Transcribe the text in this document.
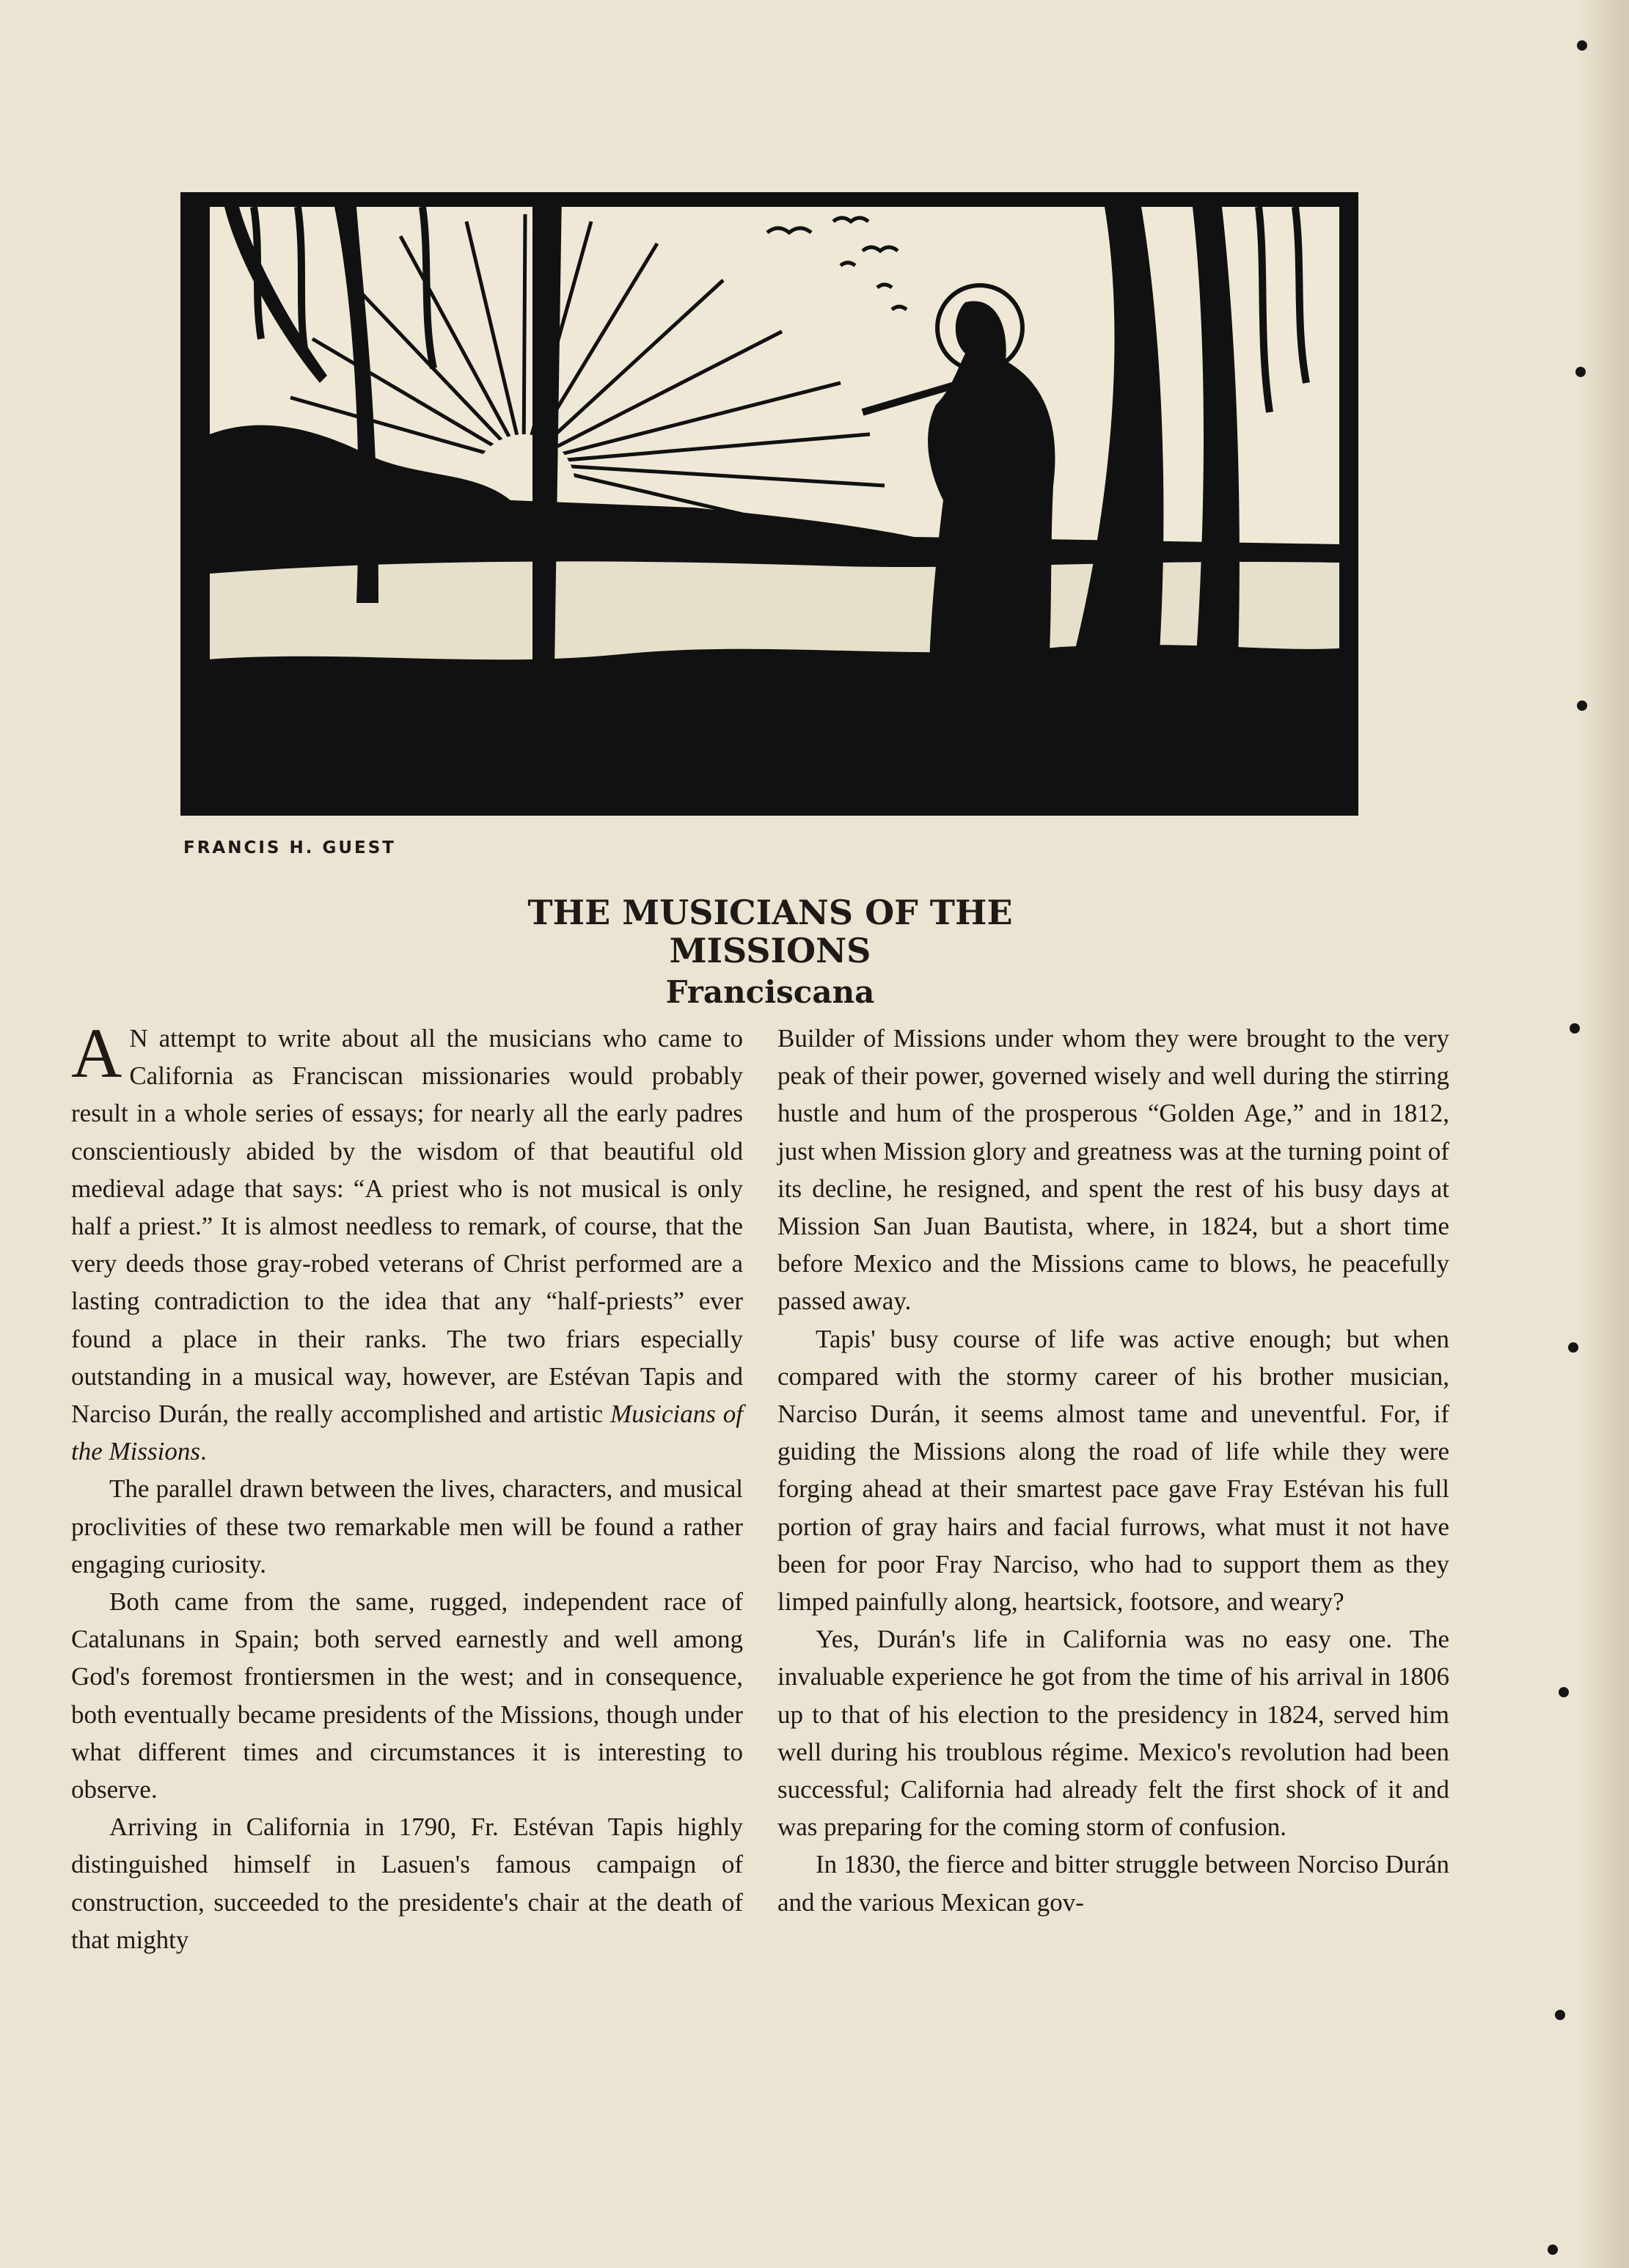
FRANCIS H. GUEST
THE MUSICIANS OF THE
MISSIONS
Franciscana

A N attempt to write about all the musicians who came to California as Franciscan missionaries would probably result in a whole series of essays; for nearly all the early padres conscientiously abided by the wisdom of that beautiful old medieval adage that says: “A priest who is not musical is only half a priest.” It is almost needless to remark, of course, that the very deeds those gray-robed veterans of Christ performed are a lasting contradiction to the idea that any “half-priests” ever found a place in their ranks. The two friars especially outstanding in a musical way, however, are Estévan Tapis and Narciso Durán, the really accomplished and artistic Musicians of the Missions.

The parallel drawn between the lives, characters, and musical proclivities of these two remarkable men will be found a rather engaging curiosity.

Both came from the same, rugged, independent race of Catalunans in Spain; both served earnestly and well among God's foremost frontiersmen in the west; and in consequence, both eventually became presidents of the Missions, though under what different times and circumstances it is interesting to observe.

Arriving in California in 1790, Fr. Estévan Tapis highly distinguished himself in Lasuen's famous campaign of construction, succeeded to the presidente's chair at the death of that mighty

Builder of Missions under whom they were brought to the very peak of their power, governed wisely and well during the stirring hustle and hum of the prosperous “Golden Age,” and in 1812, just when Mission glory and greatness was at the turning point of its decline, he resigned, and spent the rest of his busy days at Mission San Juan Bautista, where, in 1824, but a short time before Mexico and the Missions came to blows, he peacefully passed away.

Tapis' busy course of life was active enough; but when compared with the stormy career of his brother musician, Narciso Durán, it seems almost tame and uneventful. For, if guiding the Missions along the road of life while they were forging ahead at their smartest pace gave Fray Estévan his full portion of gray hairs and facial furrows, what must it not have been for poor Fray Narciso, who had to support them as they limped painfully along, heartsick, footsore, and weary?

Yes, Durán's life in California was no easy one. The invaluable experience he got from the time of his arrival in 1806 up to that of his election to the presidency in 1824, served him well during his troublous régime. Mexico's revolution had been successful; California had already felt the first shock of it and was preparing for the coming storm of confusion.

In 1830, the fierce and bitter struggle between Norciso Durán and the various Mexican gov-
